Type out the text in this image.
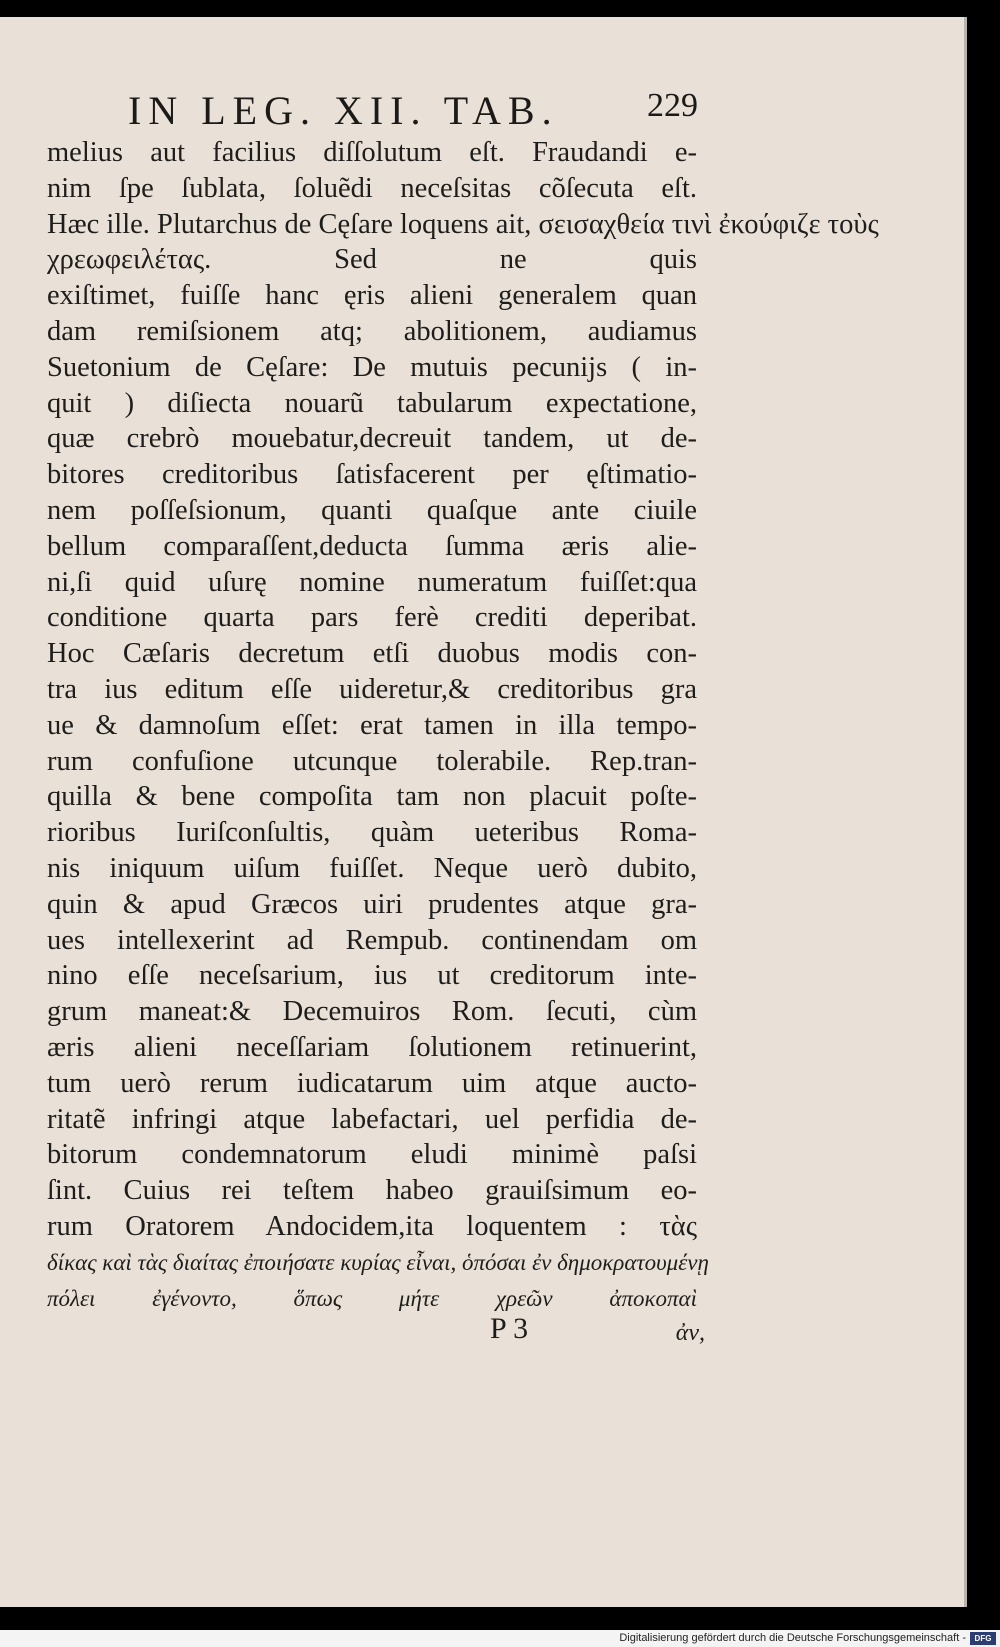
IN LEG. XII. TAB.	229
melius aut facilius diſſolutum eſt. Fraudandi e-
nim ſpe ſublata, ſoluẽdi neceſsitas cõſecuta eſt.
Hæc ille. Plutarchus de Cęſare loquens ait, σεισαχθεία τινὶ ἐκούφιζε τοὺς
χρεωφειλέτας. Sed ne quis
exiſtimet, fuiſſe hanc ęris alieni generalem quan
dam remiſsionem atq; abolitionem, audiamus
Suetonium de Cęſare: De mutuis pecunijs ( in-
quit ) diſiecta nouarũ tabularum expectatione,
quæ crebrò mouebatur,decreuit tandem, ut de-
bitores creditoribus ſatisfacerent per ęſtimatio-
nem poſſeſsionum, quanti quaſque ante ciuile
bellum comparaſſent,deducta ſumma æris alie-
ni,ſi quid uſurę nomine numeratum fuiſſet:qua
conditione quarta pars ferè crediti deperibat.
Hoc Cæſaris decretum etſi duobus modis con-
tra ius editum eſſe uideretur,& creditoribus gra
ue & damnoſum eſſet: erat tamen in illa tempo-
rum confuſione utcunque tolerabile. Rep.tran-
quilla & bene compoſita tam non placuit poſte-
rioribus Iuriſconſultis, quàm ueteribus Roma-
nis iniquum uiſum fuiſſet. Neque uerò dubito,
quin & apud Græcos uiri prudentes atque gra-
ues intellexerint ad Rempub. continendam om
nino eſſe neceſsarium, ius ut creditorum inte-
grum maneat:& Decemuiros Rom. ſecuti, cùm
æris alieni neceſſariam ſolutionem retinuerint,
tum uerò rerum iudicatarum uim atque aucto-
ritatẽ infringi atque labefactari, uel perfidia de-
bitorum condemnatorum eludi minimè paſsi
ſint. Cuius rei teſtem habeo grauiſsimum eo-
rum Oratorem Andocidem,ita loquentem : τὰς
δίκας καὶ τὰς διαίτας ἐποιήσατε κυρίας εἶναι, ὁπόσαι ἐν δημοκρατουμένῃ
πόλει ἐγένοντο, ὅπως μήτε χρεῶν ἀποκοπαὶ
P 3	ἀν,
Digitalisierung gefördert durch die Deutsche Forschungsgemeinschaft -	DFG
